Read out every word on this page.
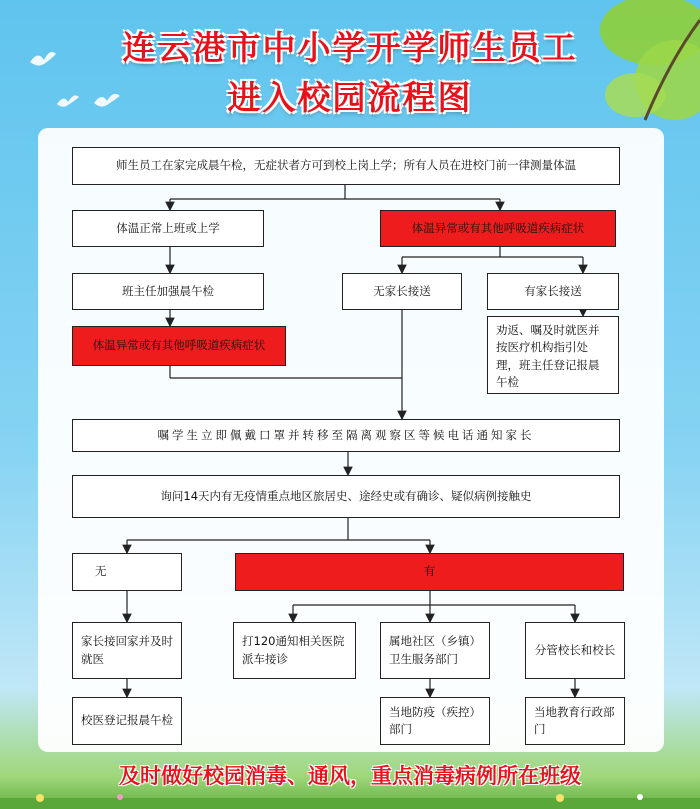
连云港市中小学开学师生员工
进入校园流程图
师生员工在家完成晨午检，无症状者方可到校上岗上学；所有人员在进校门前一律测量体温
体温正常上班或上学	体温异常或有其他呼吸道疾病症状
班主任加强晨午检	无家长接送	有家长接送
体温异常或有其他呼吸道疾病症状
劝返、嘱及时就医并按医疗机构指引处理，班主任登记报晨午检
嘱学生立即佩戴口罩并转移至隔离观察区等候电话通知家长
询问14天内有无疫情重点地区旅居史、途经史或有确诊、疑似病例接触史
无	有
家长接回家并及时就医
打120通知相关医院派车接诊
属地社区（乡镇）卫生服务部门
分管校长和校长
校医登记报晨午检
当地防疫（疾控）部门
当地教育行政部门
及时做好校园消毒、通风，重点消毒病例所在班级
